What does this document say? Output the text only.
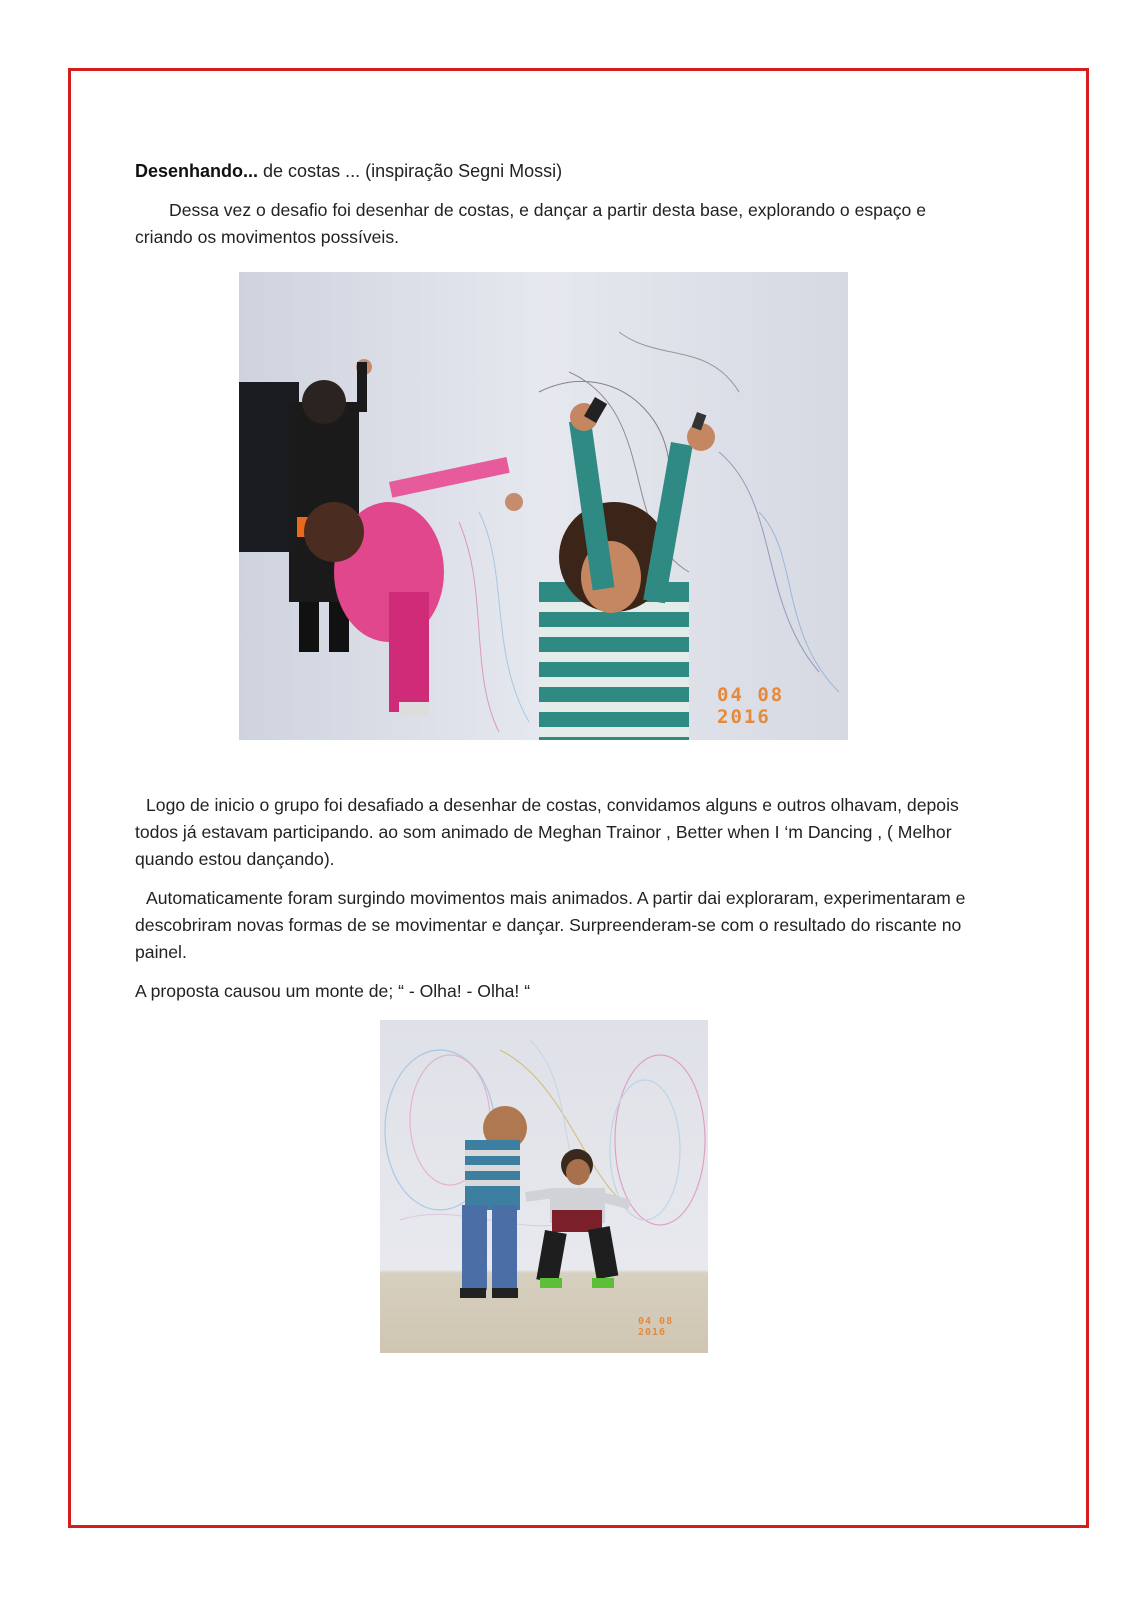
Desenhando... de costas ... (inspiração Segni Mossi)

Dessa vez o desafio foi desenhar de costas, e dançar a partir desta base, explorando o espaço e criando os movimentos possíveis.

04 08 2016

Logo de inicio o grupo foi desafiado a desenhar de costas, convidamos alguns e outros olhavam, depois todos já estavam participando. ao som animado de Meghan Trainor , Better when I ‘m Dancing , ( Melhor quando estou dançando).

Automaticamente foram surgindo movimentos mais animados. A partir dai exploraram, experimentaram e descobriram novas formas de se movimentar e dançar. Surpreenderam-se com o resultado do riscante no painel.

A proposta causou um monte de; “ - Olha! - Olha! “

04 08 2016
